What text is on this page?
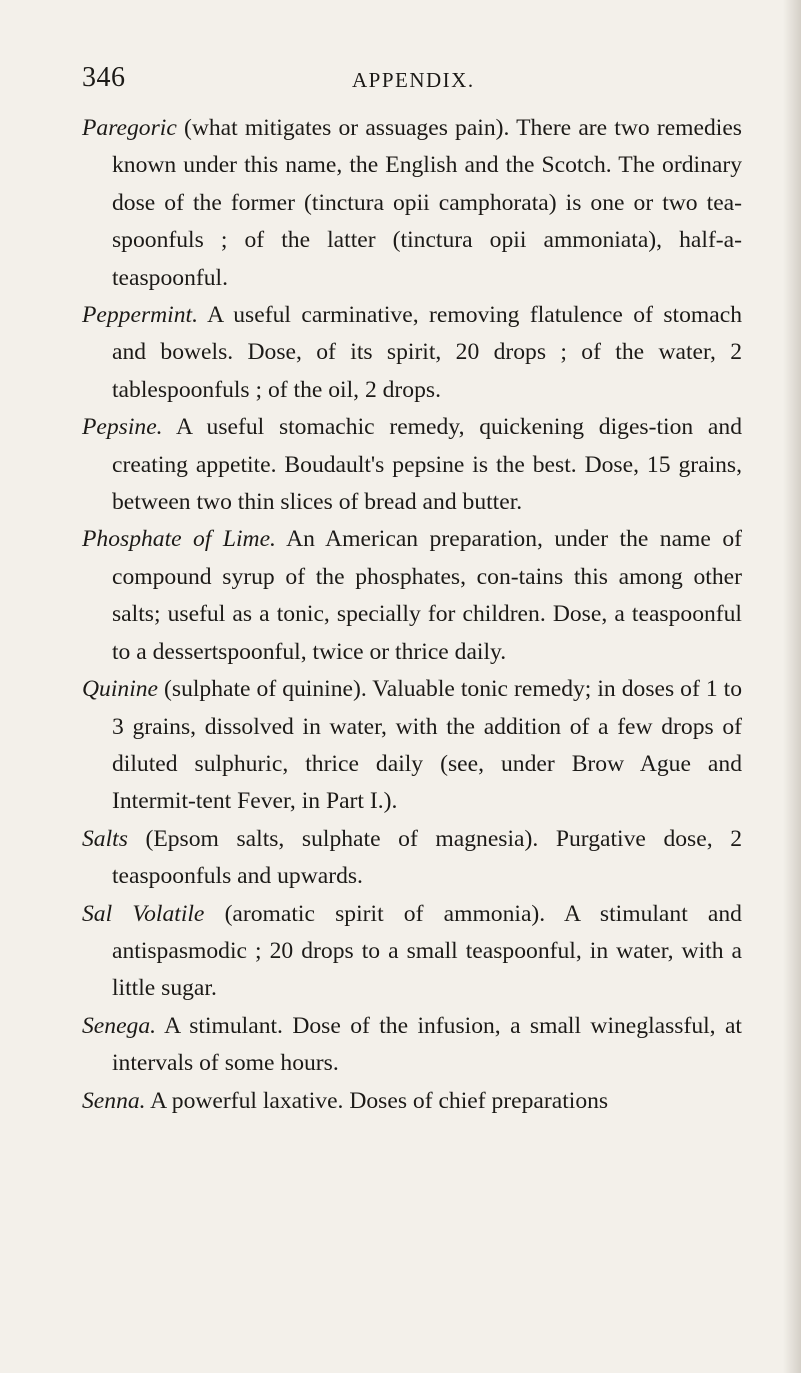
346	APPENDIX.

Paregoric (what mitigates or assuages pain). There are two remedies known under this name, the English and the Scotch. The ordinary dose of the former (tinctura opii camphorata) is one or two tea-spoonfuls ; of the latter (tinctura opii ammoniata), half-a-teaspoonful.

Peppermint. A useful carminative, removing flatulence of stomach and bowels. Dose, of its spirit, 20 drops ; of the water, 2 tablespoonfuls ; of the oil, 2 drops.

Pepsine. A useful stomachic remedy, quickening diges-tion and creating appetite. Boudault's pepsine is the best. Dose, 15 grains, between two thin slices of bread and butter.

Phosphate of Lime. An American preparation, under the name of compound syrup of the phosphates, con-tains this among other salts; useful as a tonic, specially for children. Dose, a teaspoonful to a dessertspoonful, twice or thrice daily.

Quinine (sulphate of quinine). Valuable tonic remedy; in doses of 1 to 3 grains, dissolved in water, with the addition of a few drops of diluted sulphuric, thrice daily (see, under Brow Ague and Intermit-tent Fever, in Part I.).

Salts (Epsom salts, sulphate of magnesia). Purgative dose, 2 teaspoonfuls and upwards.

Sal Volatile (aromatic spirit of ammonia). A stimulant and antispasmodic ; 20 drops to a small teaspoonful, in water, with a little sugar.

Senega. A stimulant. Dose of the infusion, a small wineglassful, at intervals of some hours.

Senna. A powerful laxative. Doses of chief preparations
